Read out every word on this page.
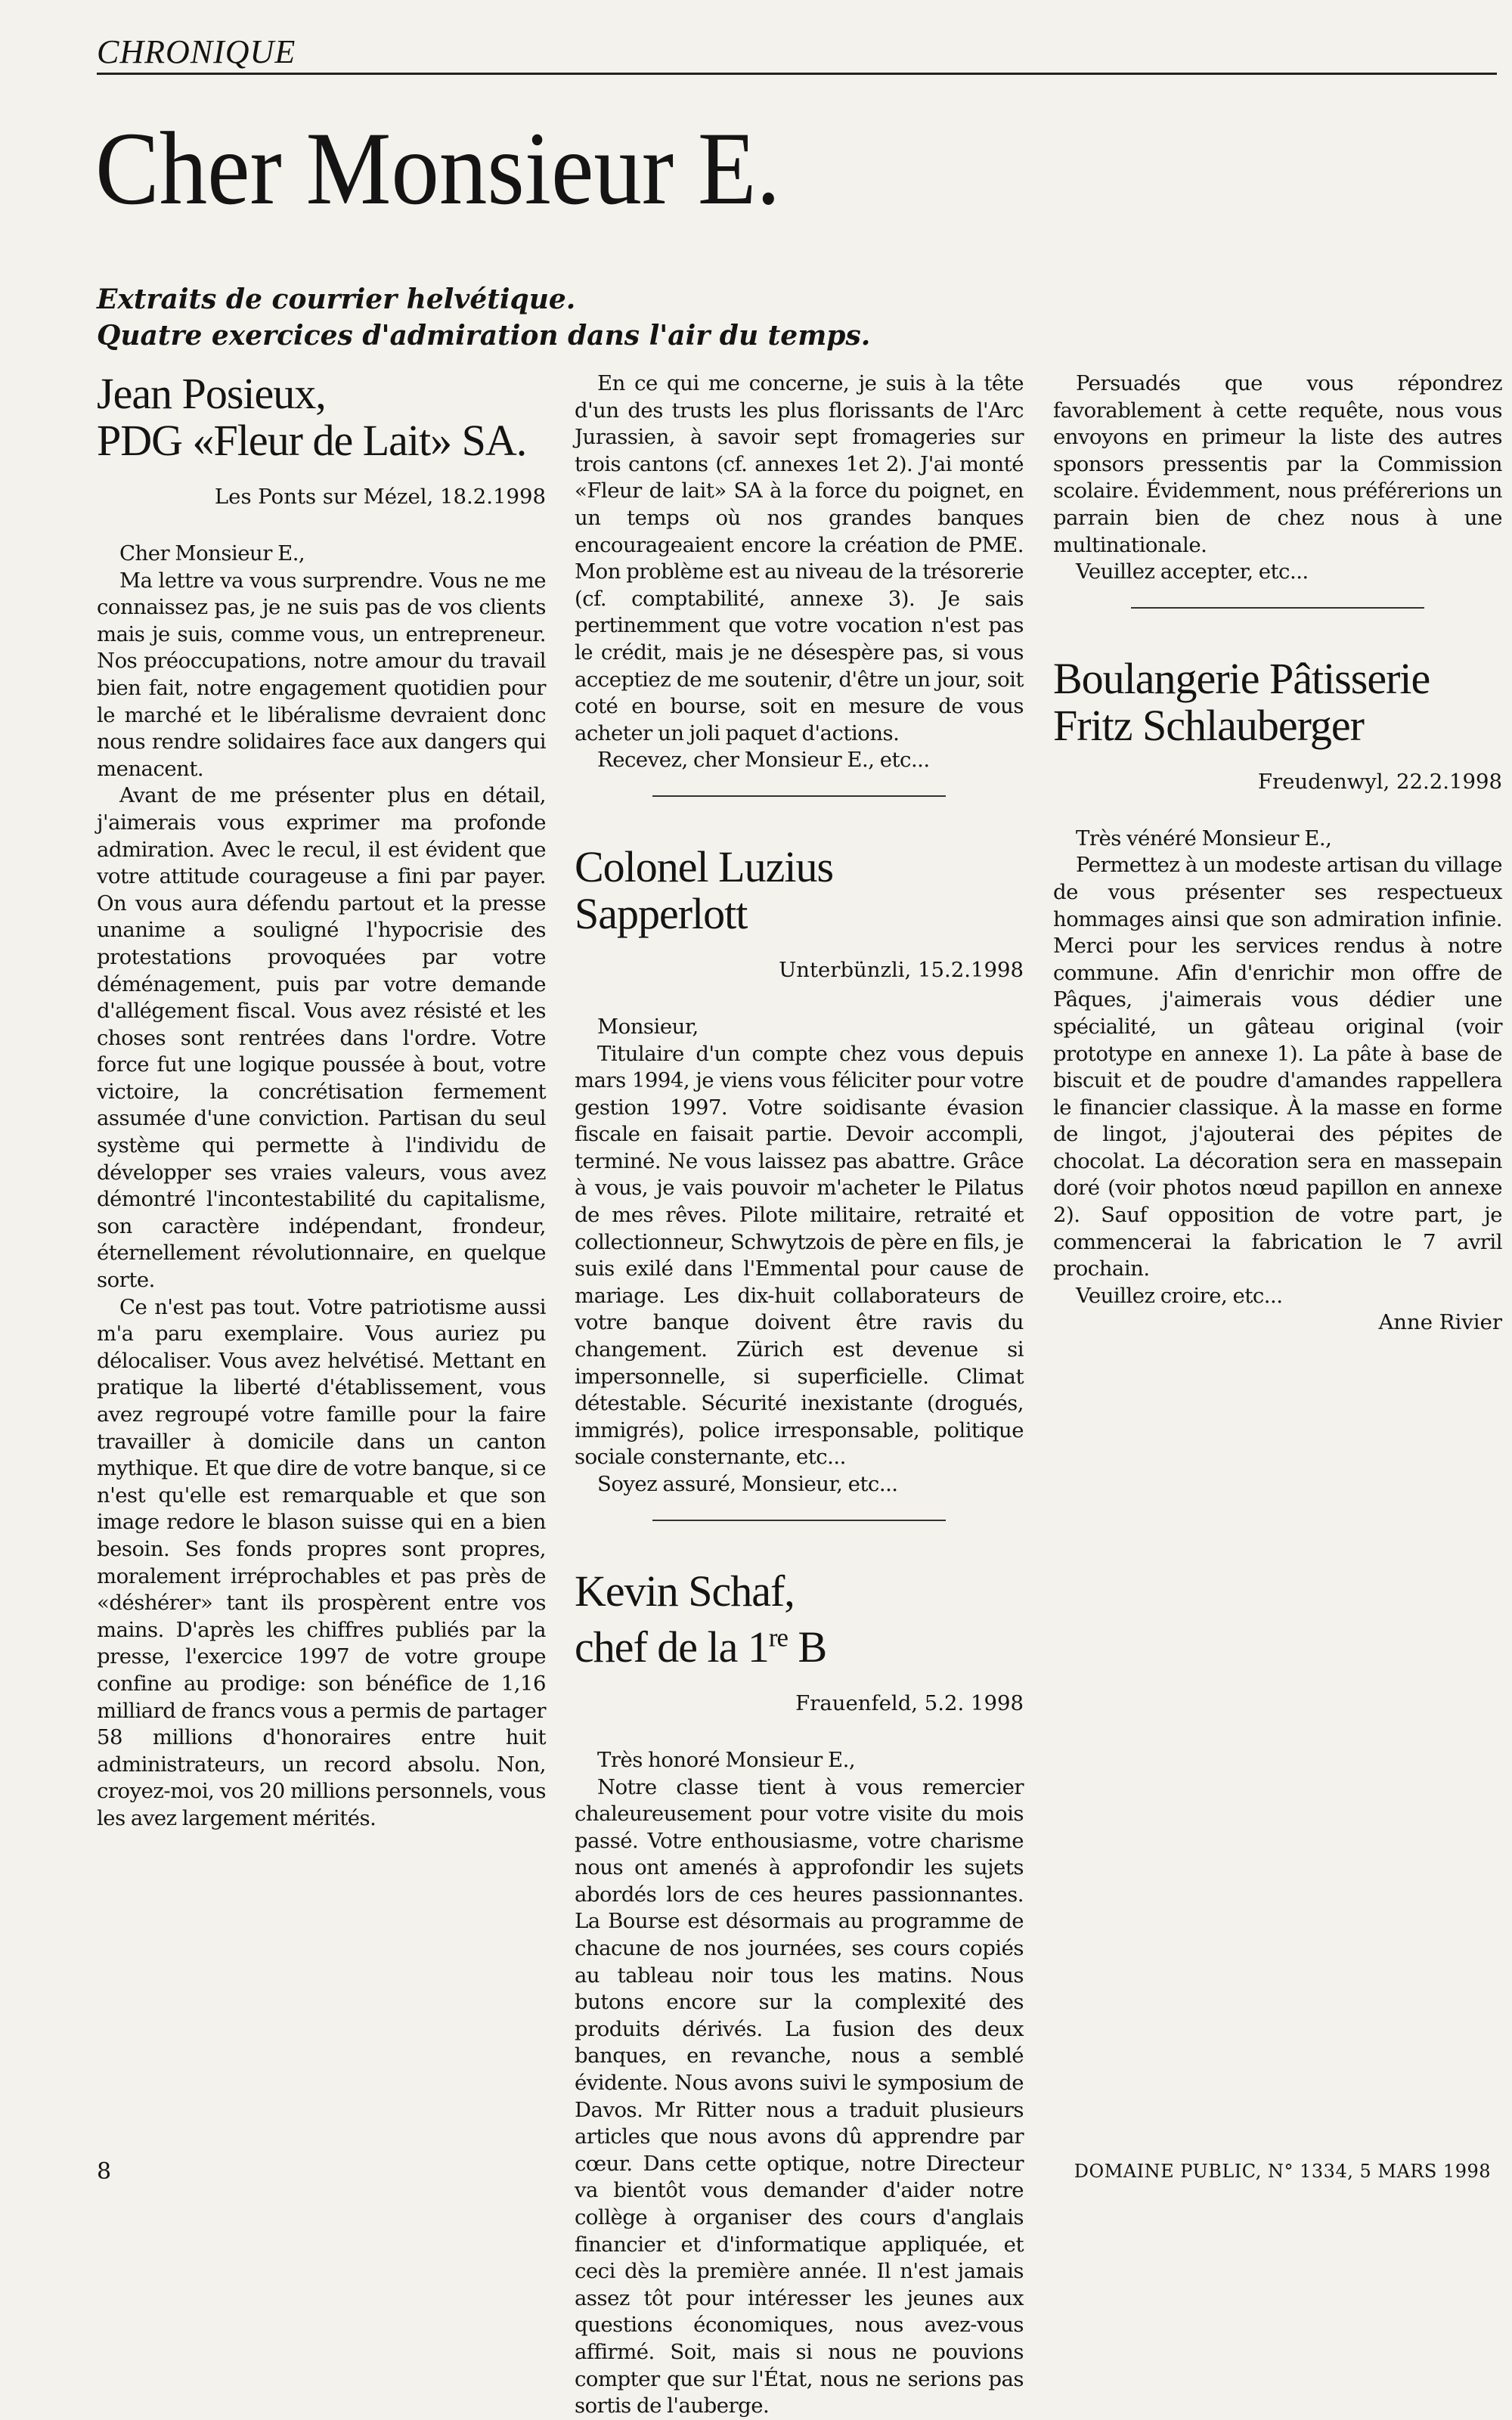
CHRONIQUE
Cher Monsieur E.
Extraits de courrier helvétique.
Quatre exercices d'admiration dans l'air du temps.
Jean Posieux,
PDG «Fleur de Lait» SA.
Les Ponts sur Mézel, 18.2.1998

Cher Monsieur E.,

Ma lettre va vous surprendre. Vous ne me connaissez pas, je ne suis pas de vos clients mais je suis, comme vous, un entrepreneur. Nos préoccupations, notre amour du travail bien fait, notre engagement quotidien pour le marché et le libéralisme devraient donc nous rendre solidaires face aux dangers qui menacent.

Avant de me présenter plus en détail, j'aimerais vous exprimer ma profonde admiration. Avec le recul, il est évident que votre attitude courageuse a fini par payer. On vous aura défendu partout et la presse unanime a souligné l'hypocrisie des protestations provoquées par votre déménagement, puis par votre demande d'allégement fiscal. Vous avez résisté et les choses sont rentrées dans l'ordre. Votre force fut une logique poussée à bout, votre victoire, la concrétisation fermement assumée d'une conviction. Partisan du seul système qui permette à l'individu de développer ses vraies valeurs, vous avez démontré l'incontestabilité du capitalisme, son caractère indépendant, frondeur, éternellement révolutionnaire, en quelque sorte.

Ce n'est pas tout. Votre patriotisme aussi m'a paru exemplaire. Vous auriez pu délocaliser. Vous avez helvétisé. Mettant en pratique la liberté d'établissement, vous avez regroupé votre famille pour la faire travailler à domicile dans un canton mythique. Et que dire de votre banque, si ce n'est qu'elle est remarquable et que son image redore le blason suisse qui en a bien besoin. Ses fonds propres sont propres, moralement irréprochables et pas près de «déshérer» tant ils prospèrent entre vos mains. D'après les chiffres publiés par la presse, l'exercice 1997 de votre groupe confine au prodige: son bénéfice de 1,16 milliard de francs vous a permis de partager 58 millions d'honoraires entre huit administrateurs, un record absolu. Non, croyez-moi, vos 20 millions personnels, vous les avez largement mérités.

En ce qui me concerne, je suis à la tête d'un des trusts les plus florissants de l'Arc Jurassien, à savoir sept fromageries sur trois cantons (cf. annexes 1et 2). J'ai monté «Fleur de lait» SA à la force du poignet, en un temps où nos grandes banques encourageaient encore la création de PME. Mon problème est au niveau de la trésorerie (cf. comptabilité, annexe 3). Je sais pertinemment que votre vocation n'est pas le crédit, mais je ne désespère pas, si vous acceptiez de me soutenir, d'être un jour, soit coté en bourse, soit en mesure de vous acheter un joli paquet d'actions.

Recevez, cher Monsieur E., etc...

Colonel Luzius
Sapperlott
Unterbünzli, 15.2.1998

Monsieur,

Titulaire d'un compte chez vous depuis mars 1994, je viens vous féliciter pour votre gestion 1997. Votre soidisante évasion fiscale en faisait partie. Devoir accompli, terminé. Ne vous laissez pas abattre. Grâce à vous, je vais pouvoir m'acheter le Pilatus de mes rêves. Pilote militaire, retraité et collectionneur, Schwytzois de père en fils, je suis exilé dans l'Emmental pour cause de mariage. Les dix-huit collaborateurs de votre banque doivent être ravis du changement. Zürich est devenue si impersonnelle, si superficielle. Climat détestable. Sécurité inexistante (drogués, immigrés), police irresponsable, politique sociale consternante, etc...

Soyez assuré, Monsieur, etc...

Kevin Schaf,
chef de la 1re B
Frauenfeld, 5.2. 1998

Très honoré Monsieur E.,

Notre classe tient à vous remercier chaleureusement pour votre visite du mois passé. Votre enthousiasme, votre charisme nous ont amenés à approfondir les sujets abordés lors de ces heures passionnantes. La Bourse est désormais au programme de chacune de nos journées, ses cours copiés au tableau noir tous les matins. Nous butons encore sur la complexité des produits dérivés. La fusion des deux banques, en revanche, nous a semblé évidente. Nous avons suivi le symposium de Davos. Mr Ritter nous a traduit plusieurs articles que nous avons dû apprendre par cœur. Dans cette optique, notre Directeur va bientôt vous demander d'aider notre collège à organiser des cours d'anglais financier et d'informatique appliquée, et ceci dès la première année. Il n'est jamais assez tôt pour intéresser les jeunes aux questions économiques, nous avez-vous affirmé. Soit, mais si nous ne pouvions compter que sur l'État, nous ne serions pas sortis de l'auberge.

Persuadés que vous répondrez favorablement à cette requête, nous vous envoyons en primeur la liste des autres sponsors pressentis par la Commission scolaire. Évidemment, nous préférerions un parrain bien de chez nous à une multinationale.

Veuillez accepter, etc...

Boulangerie Pâtisserie
Fritz Schlauberger
Freudenwyl, 22.2.1998

Très vénéré Monsieur E.,

Permettez à un modeste artisan du village de vous présenter ses respectueux hommages ainsi que son admiration infinie. Merci pour les services rendus à notre commune. Afin d'enrichir mon offre de Pâques, j'aimerais vous dédier une spécialité, un gâteau original (voir prototype en annexe 1). La pâte à base de biscuit et de poudre d'amandes rappellera le financier classique. À la masse en forme de lingot, j'ajouterai des pépites de chocolat. La décoration sera en massepain doré (voir photos nœud papillon en annexe 2). Sauf opposition de votre part, je commencerai la fabrication le 7 avril prochain.

Veuillez croire, etc...

Anne Rivier
8	DOMAINE PUBLIC, N° 1334, 5 MARS 1998
